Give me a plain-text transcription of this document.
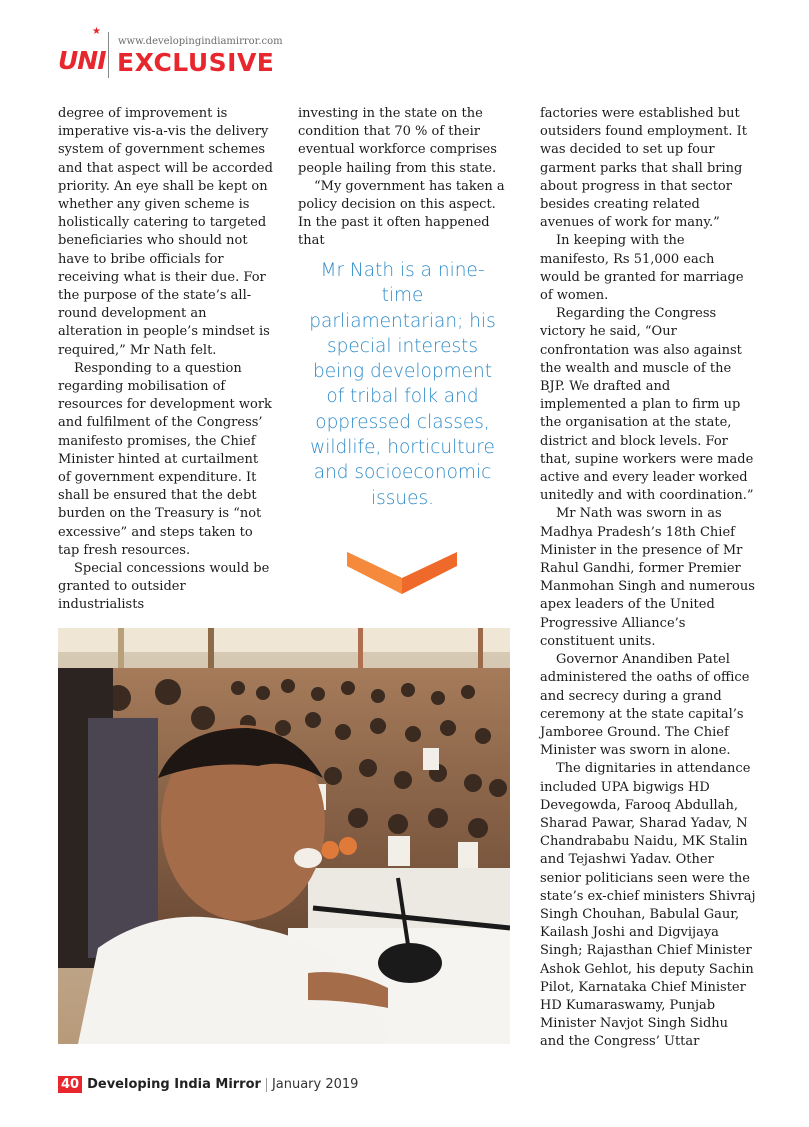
UNI
★
www.developingindiamirror.com
EXCLUSIVE

degree of improvement is imperative vis-a-vis the delivery system of government schemes and that aspect will be accorded priority. An eye shall be kept on whether any given scheme is holistically catering to targeted beneficiaries who should not have to bribe officials for receiving what is their due. For the purpose of the state’s all-round development an alteration in people’s mindset is required,” Mr Nath felt.

Responding to a question regarding mobilisation of resources for development work and fulfilment of the Congress’ manifesto promises, the Chief Minister hinted at curtailment of government expenditure. It shall be ensured that the debt burden on the Treasury is “not excessive” and steps taken to tap fresh resources.

Special concessions would be granted to outsider industrialists

investing in the state on the condition that 70 % of their eventual workforce comprises people hailing from this state.

“My government has taken a policy decision on this aspect. In the past it often happened that

Mr Nath is a nine-time parliamentarian; his special interests being development of tribal folk and oppressed classes, wildlife, horticulture and socioeconomic issues.

factories were established but outsiders found employment. It was decided to set up four garment parks that shall bring about progress in that sector besides creating related avenues of work for many.”

In keeping with the manifesto, Rs 51,000 each would be granted for marriage of women.

Regarding the Congress victory he said, “Our confrontation was also against the wealth and muscle of the BJP. We drafted and implemented a plan to firm up the organisation at the state, district and block levels. For that, supine workers were made active and every leader worked unitedly and with coordination.”

Mr Nath was sworn in as Madhya Pradesh’s 18th Chief Minister in the presence of Mr Rahul Gandhi, former Premier Manmohan Singh and numerous apex leaders of the United Progressive Alliance’s constituent units.

Governor Anandiben Patel administered the oaths of office and secrecy during a grand ceremony at the state capital’s Jamboree Ground. The Chief Minister was sworn in alone.

The dignitaries in attendance included UPA bigwigs HD Devegowda, Farooq Abdullah, Sharad Pawar, Sharad Yadav, N Chandrababu Naidu, MK Stalin and Tejashwi Yadav. Other senior politicians seen were the state’s ex-chief ministers Shivraj Singh Chouhan, Babulal Gaur, Kailash Joshi and Digvijaya Singh; Rajasthan Chief Minister Ashok Gehlot, his deputy Sachin Pilot, Karnataka Chief Minister HD Kumaraswamy, Punjab Minister Navjot Singh Sidhu and the Congress’ Uttar

40 Developing India Mirror January 2019
